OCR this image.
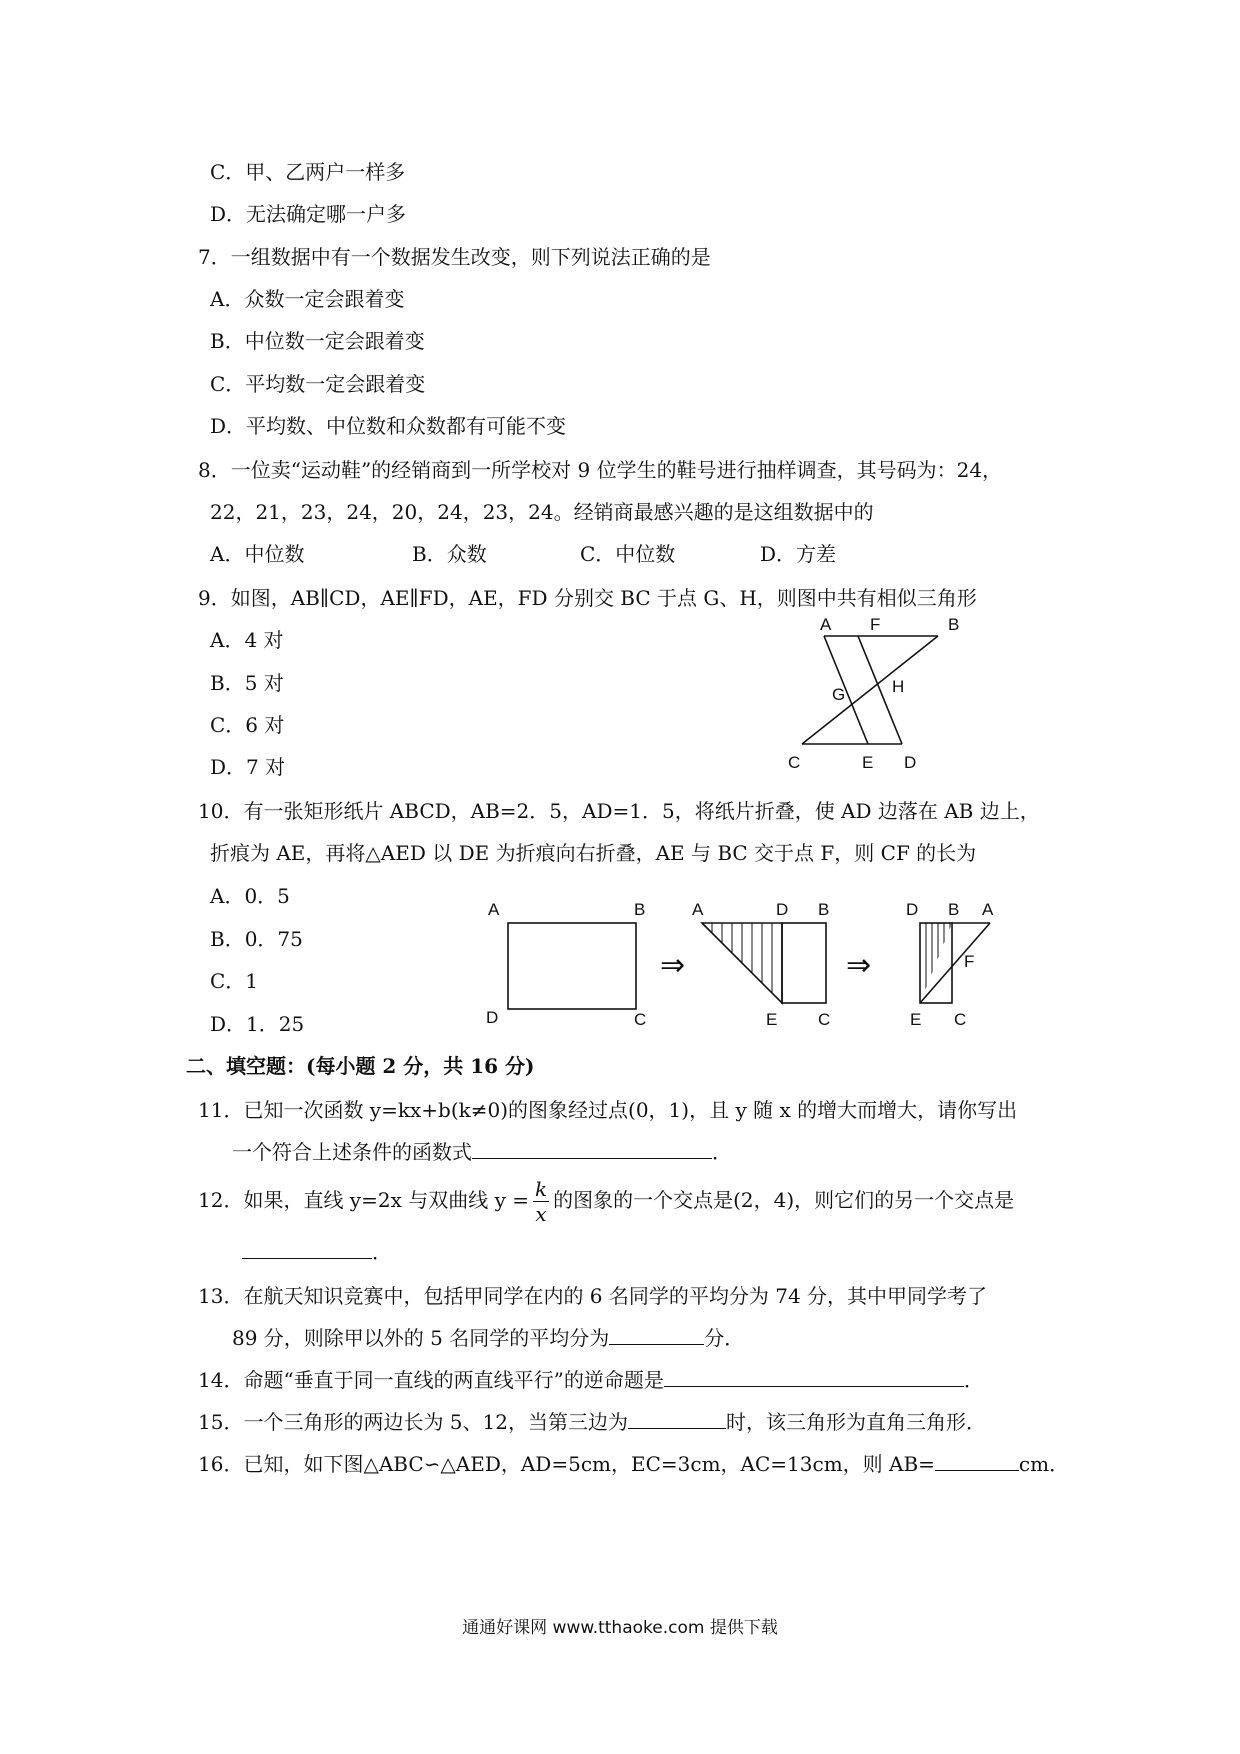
C．甲、乙两户一样多
D．无法确定哪一户多
7．一组数据中有一个数据发生改变，则下列说法正确的是
A．众数一定会跟着变
B．中位数一定会跟着变
C．平均数一定会跟着变
D．平均数、中位数和众数都有可能不变
8．一位卖“运动鞋”的经销商到一所学校对 9 位学生的鞋号进行抽样调查，其号码为：24，
22，21，23，24，20，24，23，24。经销商最感兴趣的是这组数据中的
A．中位数	B．众数	C．中位数	D．方差
9．如图，AB∥CD，AE∥FD，AE，FD 分别交 BC 于点 G、H，则图中共有相似三角形
A．4 对
B．5 对
C．6 对
D．7 对
A F	B
G	H
C	E D
10．有一张矩形纸片 ABCD，AB=2．5，AD=1．5，将纸片折叠，使 AD 边落在 AB 边上，
折痕为 AE，再将△AED 以 DE 为折痕向右折叠，AE 与 BC 交于点 F，则 CF 的长为
A．0．5
B．0．75
C．1
D．1．25
A	B
D	C
⇒
A	D B
E C
⇒
D B A
F
E C
二、填空题：(每小题 2 分，共 16 分)
11．已知一次函数 y=kx+b(k≠0)的图象经过点(0，1)，且 y 随 x 的增大而增大，请你写出
一个符合上述条件的函数式	．
12．如果，直线 y=2x 与双曲线 $y = \frac{k}{x}$ 的图象的一个交点是(2，4)，则它们的另一个交点是
．
13．在航天知识竞赛中，包括甲同学在内的 6 名同学的平均分为 74 分，其中甲同学考了
89 分，则除甲以外的 5 名同学的平均分为	分．
14．命题“垂直于同一直线的两直线平行”的逆命题是	．
15．一个三角形的两边长为 5、12，当第三边为	时，该三角形为直角三角形．
16．已知，如下图△ABC∽△AED，AD=5cm，EC=3cm，AC=13cm，则 AB=	cm．
通通好课网 www.tthaoke.com 提供下载
